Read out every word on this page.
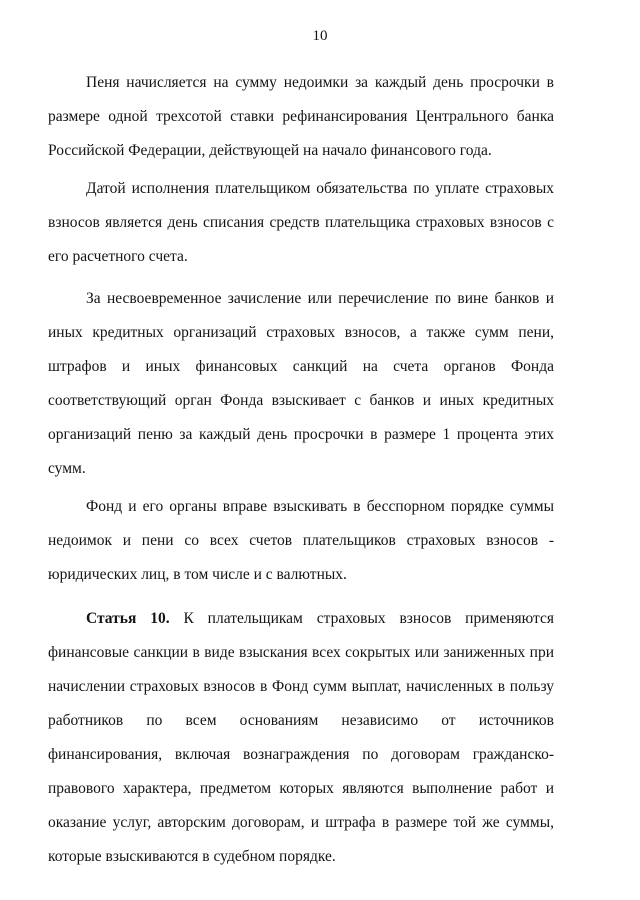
10

Пеня начисляется на сумму недоимки за каждый день просрочки в размере одной трехсотой ставки рефинансирования Центрального банка Российской Федерации, действующей на начало финансового года.

Датой исполнения плательщиком обязательства по уплате страховых взносов является день списания средств плательщика страховых взносов с его расчетного счета.

За несвоевременное зачисление или перечисление по вине банков и иных кредитных организаций страховых взносов, а также сумм пени, штрафов и иных финансовых санкций на счета органов Фонда соответствующий орган Фонда взыскивает с банков и иных кредитных организаций пеню за каждый день просрочки в размере 1 процента этих сумм.

Фонд и его органы вправе взыскивать в бесспорном порядке суммы недоимок и пени со всех счетов плательщиков страховых взносов - юридических лиц, в том числе и с валютных.

Статья 10. К плательщикам страховых взносов применяются финансовые санкции в виде взыскания всех сокрытых или заниженных при начислении страховых взносов в Фонд сумм выплат, начисленных в пользу работников по всем основаниям независимо от источников финансирования, включая вознаграждения по договорам гражданско-правового характера, предметом которых являются выполнение работ и оказание услуг, авторским договорам, и штрафа в размере той же суммы, которые взыскиваются в судебном порядке.
